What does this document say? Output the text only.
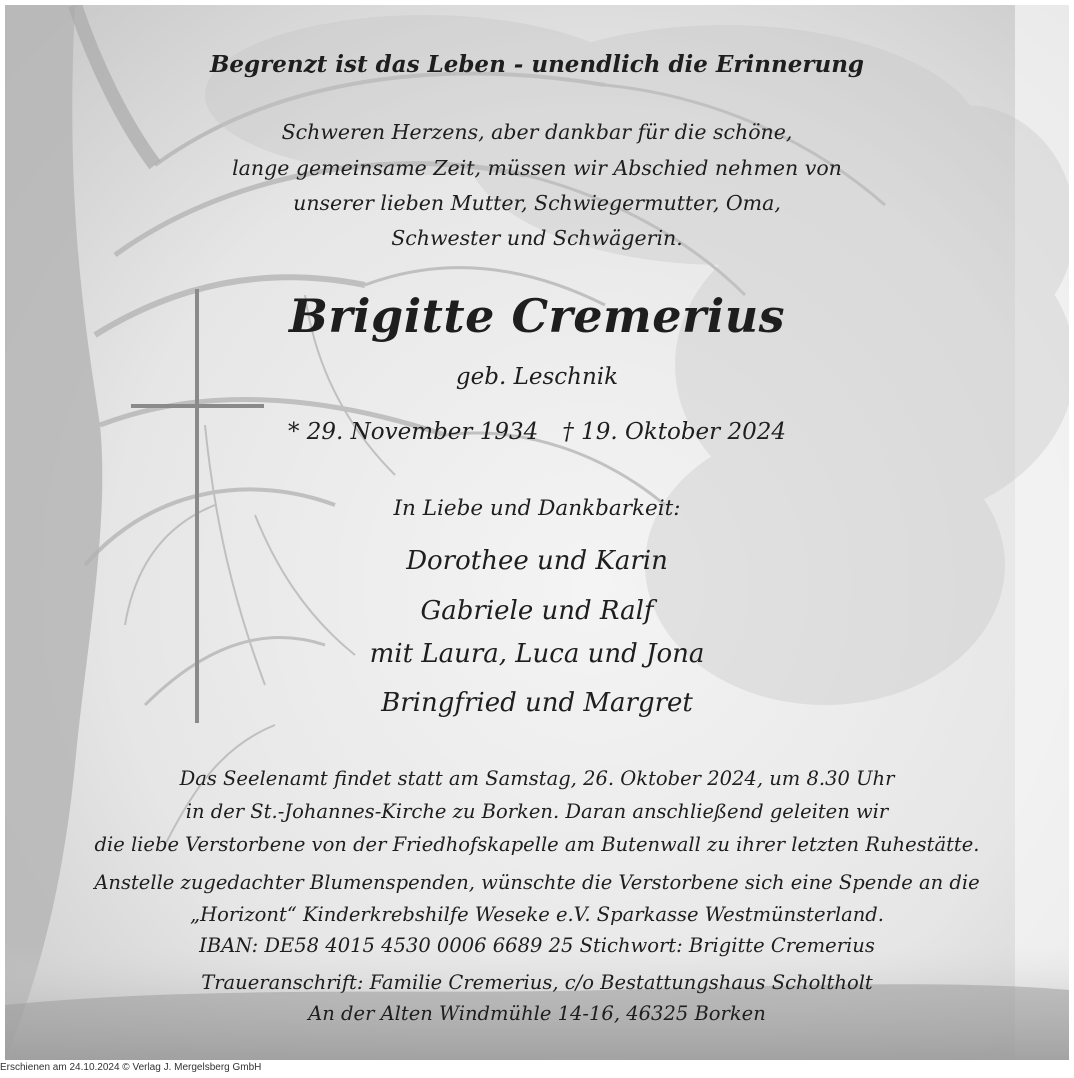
Begrenzt ist das Leben - unendlich die Erinnerung
Schweren Herzens, aber dankbar für die schöne,
lange gemeinsame Zeit, müssen wir Abschied nehmen von
unserer lieben Mutter, Schwiegermutter, Oma,
Schwester und Schwägerin.
Brigitte Cremerius
geb. Leschnik
* 29. November 1934 † 19. Oktober 2024
In Liebe und Dankbarkeit:
Dorothee und Karin
Gabriele und Ralf
mit Laura, Luca und Jona
Bringfried und Margret
Das Seelenamt findet statt am Samstag, 26. Oktober 2024, um 8.30 Uhr
in der St.-Johannes-Kirche zu Borken. Daran anschließend geleiten wir
die liebe Verstorbene von der Friedhofskapelle am Butenwall zu ihrer letzten Ruhestätte.
Anstelle zugedachter Blumenspenden, wünschte die Verstorbene sich eine Spende an die
„Horizont“ Kinderkrebshilfe Weseke e.V. Sparkasse Westmünsterland.
IBAN: DE58 4015 4530 0006 6689 25 Stichwort: Brigitte Cremerius
Traueranschrift: Familie Cremerius, c/o Bestattungshaus Scholtholt
An der Alten Windmühle 14-16, 46325 Borken
Erschienen am 24.10.2024 © Verlag J. Mergelsberg GmbH
